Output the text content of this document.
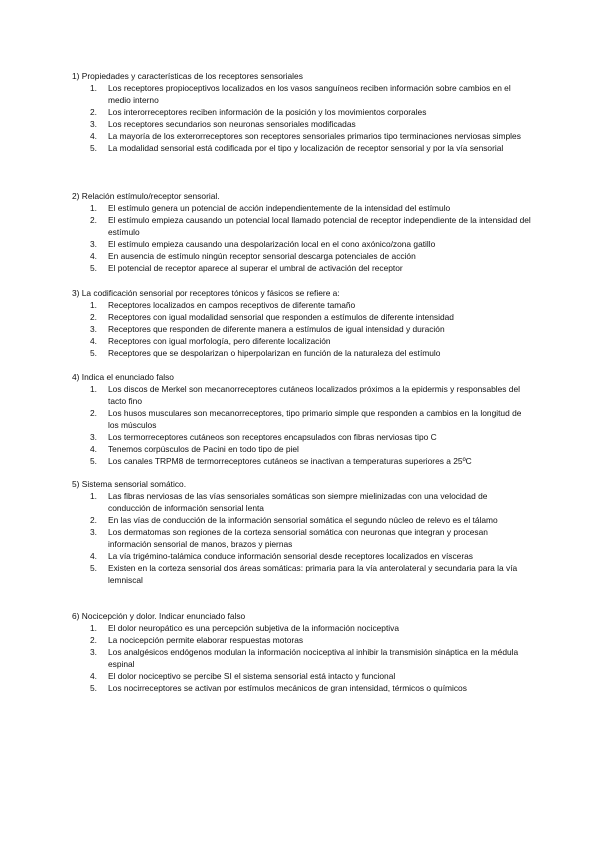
1) Propiedades y características de los receptores sensoriales

1. Los receptores propioceptivos localizados en los vasos sanguíneos reciben información sobre cambios en el medio interno
2. Los interorreceptores reciben información de la posición y los movimientos corporales
3. Los receptores secundarios son neuronas sensoriales modificadas
4. La mayoría de los exterorreceptores son receptores sensoriales primarios tipo terminaciones nerviosas simples
5. La modalidad sensorial está codificada por el tipo y localización de receptor sensorial y por la vía sensorial

2) Relación estímulo/receptor sensorial.

1. El estímulo genera un potencial de acción independientemente de la intensidad del estímulo
2. El estímulo empieza causando un potencial local llamado potencial de receptor independiente de la intensidad del estímulo
3. El estímulo empieza causando una despolarización local en el cono axónico/zona gatillo
4. En ausencia de estímulo ningún receptor sensorial descarga potenciales de acción
5. El potencial de receptor aparece al superar el umbral de activación del receptor

3) La codificación sensorial por receptores tónicos y fásicos se refiere a:

1. Receptores localizados en campos receptivos de diferente tamaño
2. Receptores con igual modalidad sensorial que responden a estímulos de diferente intensidad
3. Receptores que responden de diferente manera a estímulos de igual intensidad y duración
4. Receptores con igual morfología, pero diferente localización
5. Receptores que se despolarizan o hiperpolarizan en función de la naturaleza del estímulo

4) Indica el enunciado falso

1. Los discos de Merkel son mecanorreceptores cutáneos localizados próximos a la epidermis y responsables del tacto fino
2. Los husos musculares son mecanorreceptores, tipo primario simple que responden a cambios en la longitud de los músculos
3. Los termorreceptores cutáneos son receptores encapsulados con fibras nerviosas tipo C
4. Tenemos corpúsculos de Pacini en todo tipo de piel
5. Los canales TRPM8 de termorreceptores cutáneos se inactivan a temperaturas superiores a 25ºC

5) Sistema sensorial somático.

1. Las fibras nerviosas de las vías sensoriales somáticas son siempre mielinizadas con una velocidad de conducción de información sensorial lenta
2. En las vías de conducción de la información sensorial somática el segundo núcleo de relevo es el tálamo
3. Los dermatomas son regiones de la corteza sensorial somática con neuronas que integran y procesan información sensorial de manos, brazos y piernas
4. La vía trigémino-talámica conduce información sensorial desde receptores localizados en vísceras
5. Existen en la corteza sensorial dos áreas somáticas: primaria para la vía anterolateral y secundaria para la vía lemniscal

6) Nocicepción y dolor. Indicar enunciado falso

1. El dolor neuropático es una percepción subjetiva de la información nociceptiva
2. La nocicepción permite elaborar respuestas motoras
3. Los analgésicos endógenos modulan la información nociceptiva al inhibir la transmisión sináptica en la médula espinal
4. El dolor nociceptivo se percibe SI el sistema sensorial está intacto y funcional
5. Los nocirreceptores se activan por estímulos mecánicos de gran intensidad, térmicos o químicos
